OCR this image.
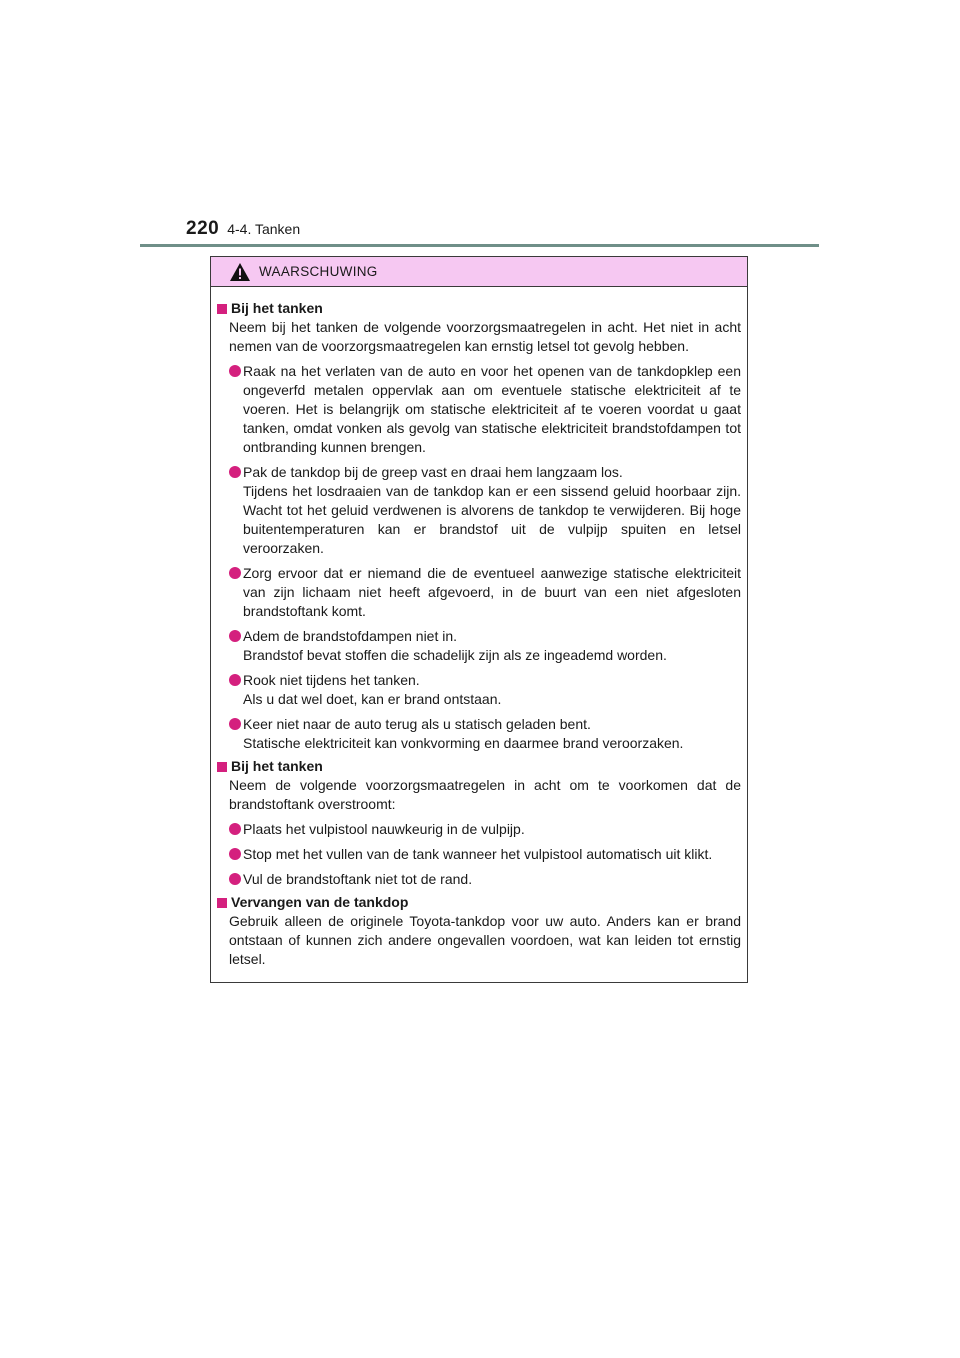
220 4-4. Tanken
WAARSCHUWING
Bij het tanken
Neem bij het tanken de volgende voorzorgsmaatregelen in acht. Het niet in acht nemen van de voorzorgsmaatregelen kan ernstig letsel tot gevolg hebben.
Raak na het verlaten van de auto en voor het openen van de tankdopklep een ongeverfd metalen oppervlak aan om eventuele statische elektriciteit af te voeren. Het is belangrijk om statische elektriciteit af te voeren voordat u gaat tanken, omdat vonken als gevolg van statische elektriciteit brandstofdampen tot ontbranding kunnen brengen.
Pak de tankdop bij de greep vast en draai hem langzaam los.
Tijdens het losdraaien van de tankdop kan er een sissend geluid hoorbaar zijn. Wacht tot het geluid verdwenen is alvorens de tankdop te verwijderen. Bij hoge buitentemperaturen kan er brandstof uit de vulpijp spuiten en letsel veroorzaken.
Zorg ervoor dat er niemand die de eventueel aanwezige statische elektriciteit van zijn lichaam niet heeft afgevoerd, in de buurt van een niet afgesloten brandstoftank komt.
Adem de brandstofdampen niet in.
Brandstof bevat stoffen die schadelijk zijn als ze ingeademd worden.
Rook niet tijdens het tanken.
Als u dat wel doet, kan er brand ontstaan.
Keer niet naar de auto terug als u statisch geladen bent.
Statische elektriciteit kan vonkvorming en daarmee brand veroorzaken.
Bij het tanken
Neem de volgende voorzorgsmaatregelen in acht om te voorkomen dat de brandstoftank overstroomt:
Plaats het vulpistool nauwkeurig in de vulpijp.
Stop met het vullen van de tank wanneer het vulpistool automatisch uit klikt.
Vul de brandstoftank niet tot de rand.
Vervangen van de tankdop
Gebruik alleen de originele Toyota-tankdop voor uw auto. Anders kan er brand ontstaan of kunnen zich andere ongevallen voordoen, wat kan leiden tot ernstig letsel.
